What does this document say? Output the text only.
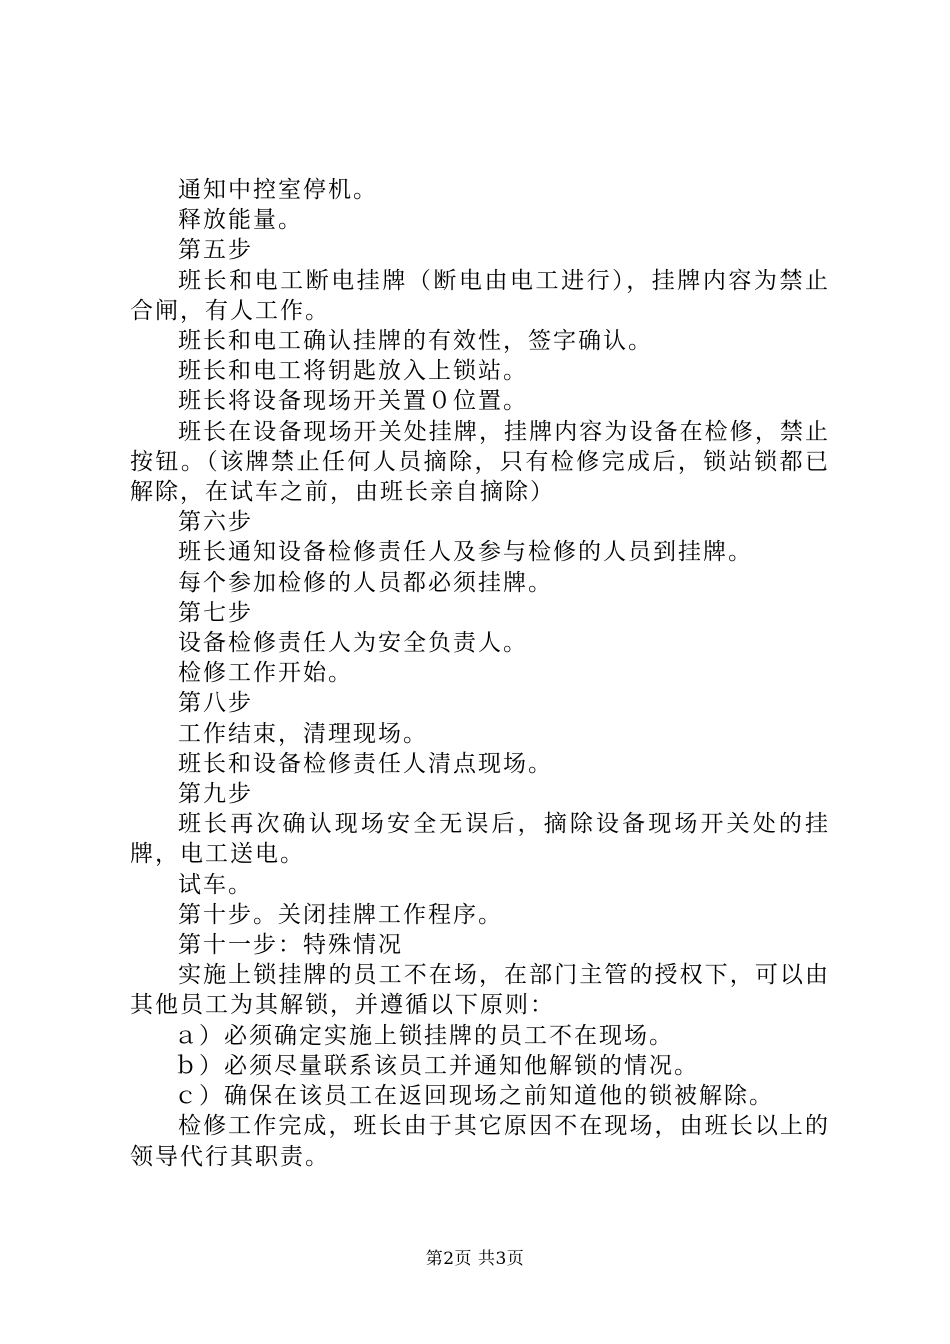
通知中控室停机。

释放能量。

第五步

班长和电工断电挂牌（断电由电工进行），挂牌内容为禁止合闸，有人工作。

班长和电工确认挂牌的有效性，签字确认。

班长和电工将钥匙放入上锁站。

班长将设备现场开关置０位置。

班长在设备现场开关处挂牌，挂牌内容为设备在检修，禁止按钮。（该牌禁止任何人员摘除，只有检修完成后，锁站锁都已解除，在试车之前，由班长亲自摘除）

第六步

班长通知设备检修责任人及参与检修的人员到挂牌。

每个参加检修的人员都必须挂牌。

第七步

设备检修责任人为安全负责人。

检修工作开始。

第八步

工作结束，清理现场。

班长和设备检修责任人清点现场。

第九步

班长再次确认现场安全无误后，摘除设备现场开关处的挂牌，电工送电。

试车。

第十步。关闭挂牌工作程序。

第十一步：特殊情况

实施上锁挂牌的员工不在场，在部门主管的授权下，可以由其他员工为其解锁，并遵循以下原则：

ａ）必须确定实施上锁挂牌的员工不在现场。

ｂ）必须尽量联系该员工并通知他解锁的情况。

ｃ）确保在该员工在返回现场之前知道他的锁被解除。

检修工作完成，班长由于其它原因不在现场，由班长以上的领导代行其职责。

第2页 共3页
